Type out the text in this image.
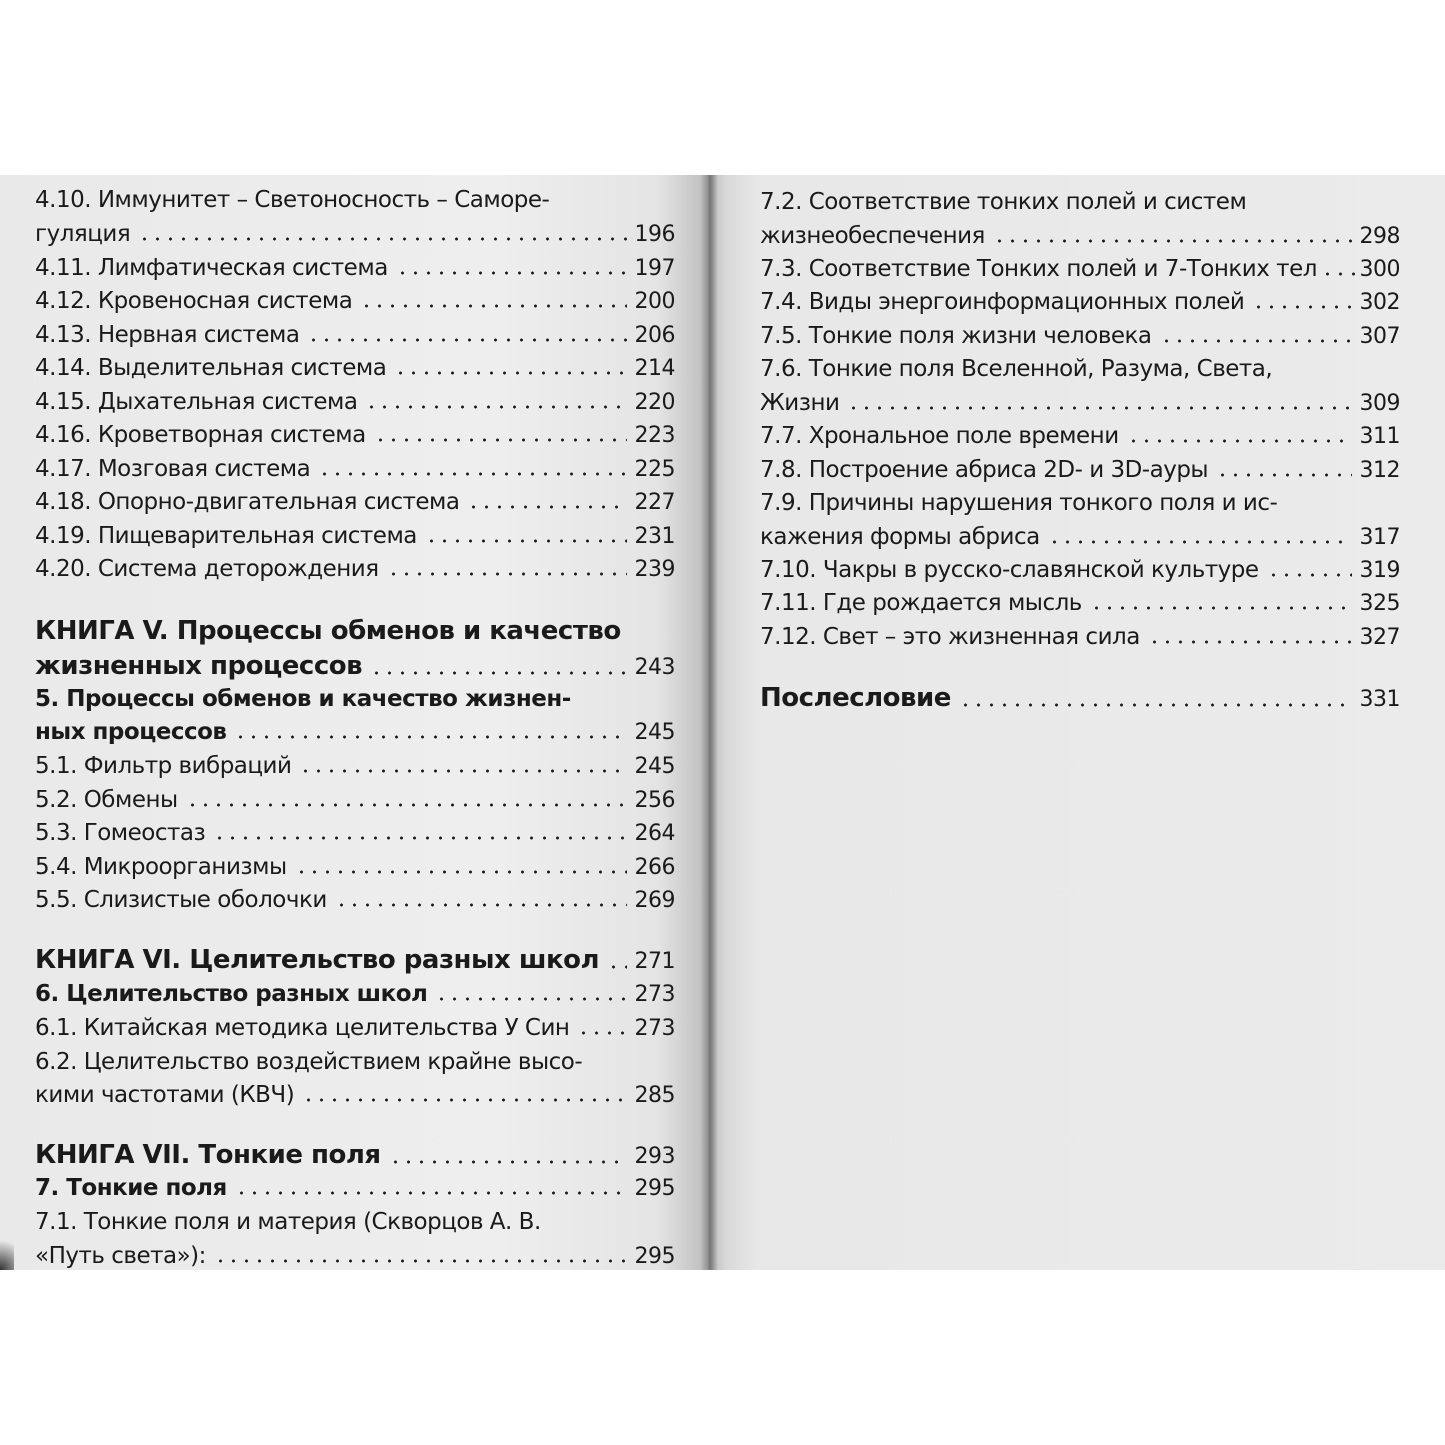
4.10. Иммунитет – Светоносность – Саморе-
гуляция	196
4.11. Лимфатическая система	197
4.12. Кровеносная система	200
4.13. Нервная система	206
4.14. Выделительная система	214
4.15. Дыхательная система	220
4.16. Кроветворная система	223
4.17. Мозговая система	225
4.18. Опорно-двигательная система	227
4.19. Пищеварительная система	231
4.20. Система деторождения	239
КНИГА V. Процессы обменов и качество
жизненных процессов	243
5. Процессы обменов и качество жизнен-
ных процессов	245
5.1. Фильтр вибраций	245
5.2. Обмены	256
5.3. Гомеостаз	264
5.4. Микроорганизмы	266
5.5. Слизистые оболочки	269
КНИГА VI. Целительство разных школ 271
6. Целительство разных школ	273
6.1. Китайская методика целительства У Син	273
6.2. Целительство воздействием крайне высо-
кими частотами (КВЧ)	285
КНИГА VII. Тонкие поля	293
7. Тонкие поля	295
7.1. Тонкие поля и материя (Скворцов А. В.
«Путь света»):	295
7.2. Соответствие тонких полей и систем
жизнеобеспечения	298
7.3. Соответствие Тонких полей и 7-Тонких тел 300
7.4. Виды энергоинформационных полей	302
7.5. Тонкие поля жизни человека	307
7.6. Тонкие поля Вселенной, Разума, Света,
Жизни	309
7.7. Хрональное поле времени	311
7.8. Построение абриса 2D- и 3D-ауры	312
7.9. Причины нарушения тонкого поля и ис-
кажения формы абриса	317
7.10. Чакры в русско-славянской культуре	319
7.11. Где рождается мысль	325
7.12. Свет – это жизненная сила	327
Послесловие	331
